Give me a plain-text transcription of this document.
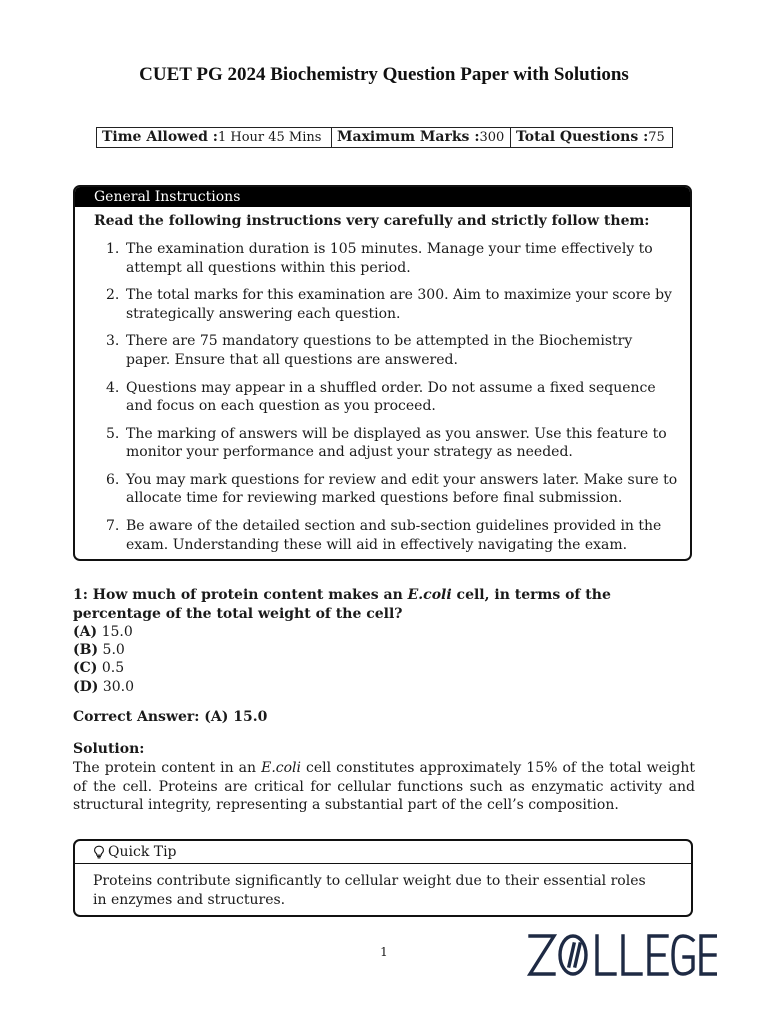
CUET PG 2024 Biochemistry Question Paper with Solutions
Time Allowed : 1 Hour 45 Mins Maximum Marks : 300 Total Questions : 75
General Instructions
Read the following instructions very carefully and strictly follow them:
1. The examination duration is 105 minutes. Manage your time effectively to attempt all questions within this period.
2. The total marks for this examination are 300. Aim to maximize your score by strategically answering each question.
3. There are 75 mandatory questions to be attempted in the Biochemistry paper. Ensure that all questions are answered.
4. Questions may appear in a shuffled order. Do not assume a fixed sequence and focus on each question as you proceed.
5. The marking of answers will be displayed as you answer. Use this feature to monitor your performance and adjust your strategy as needed.
6. You may mark questions for review and edit your answers later. Make sure to allocate time for reviewing marked questions before final submission.
7. Be aware of the detailed section and sub-section guidelines provided in the exam. Understanding these will aid in effectively navigating the exam.
1: How much of protein content makes an E.coli cell, in terms of the percentage of the total weight of the cell?
(A) 15.0
(B) 5.0
(C) 0.5
(D) 30.0
Correct Answer: (A) 15.0
Solution:
The protein content in an E.coli cell constitutes approximately 15% of the total weight of the cell. Proteins are critical for cellular functions such as enzymatic activity and structural integrity, representing a substantial part of the cell’s composition.
Quick Tip
Proteins contribute significantly to cellular weight due to their essential roles in enzymes and structures.
1
